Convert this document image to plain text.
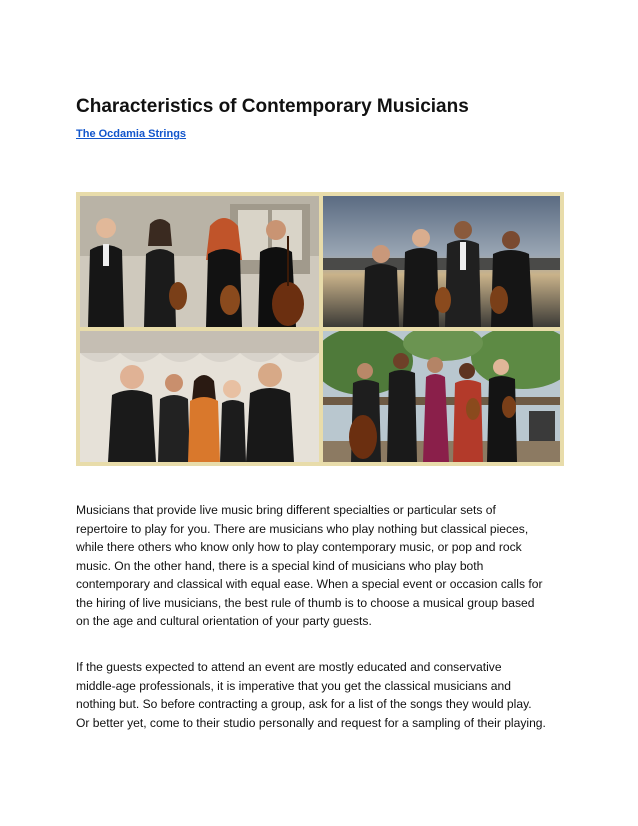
Characteristics of Contemporary Musicians
The Ocdamia Strings

Musicians that provide live music bring different specialties or particular sets of
repertoire to play for you. There are musicians who play nothing but classical pieces,
while there others who know only how to play contemporary music, or pop and rock
music. On the other hand, there is a special kind of musicians who play both
contemporary and classical with equal ease. When a special event or occasion calls for
the hiring of live musicians, the best rule of thumb is to choose a musical group based
on the age and cultural orientation of your party guests.

If the guests expected to attend an event are mostly educated and conservative
middle-age professionals, it is imperative that you get the classical musicians and
nothing but. So before contracting a group, ask for a list of the songs they would play.
Or better yet, come to their studio personally and request for a sampling of their playing.
